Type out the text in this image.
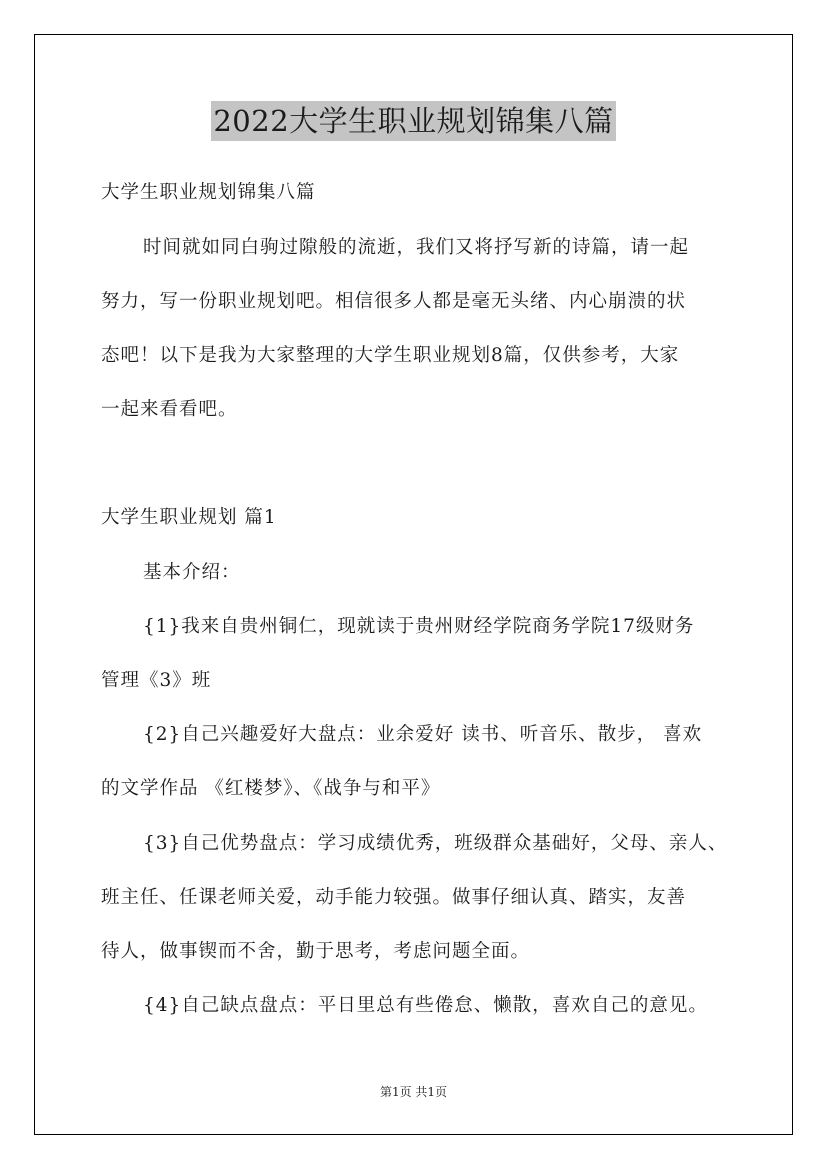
2022大学生职业规划锦集八篇
大学生职业规划锦集八篇
时间就如同白驹过隙般的流逝，我们又将抒写新的诗篇，请一起
努力，写一份职业规划吧。相信很多人都是毫无头绪、内心崩溃的状
态吧！以下是我为大家整理的大学生职业规划8篇，仅供参考，大家
一起来看看吧。
大学生职业规划 篇1
基本介绍：
{1}我来自贵州铜仁，现就读于贵州财经学院商务学院17级财务
管理《3》班
{2}自己兴趣爱好大盘点：业余爱好 读书、听音乐、散步， 喜欢
的文学作品 《红楼梦》、《战争与和平》
{3}自己优势盘点：学习成绩优秀，班级群众基础好，父母、亲人、
班主任、任课老师关爱，动手能力较强。做事仔细认真、踏实，友善
待人，做事锲而不舍，勤于思考，考虑问题全面。
{4}自己缺点盘点：平日里总有些倦怠、懒散，喜欢自己的意见。
第1页 共1页
